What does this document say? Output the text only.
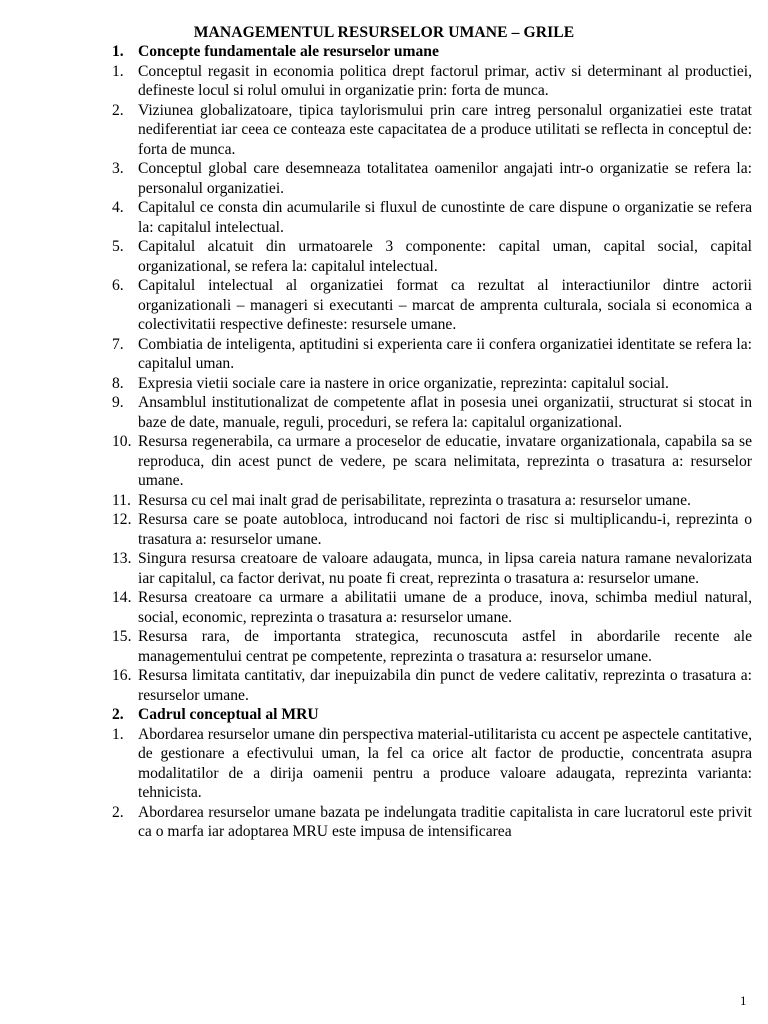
MANAGEMENTUL RESURSELOR UMANE – GRILE
1. Concepte fundamentale ale resurselor umane
1. Conceptul regasit in economia politica drept factorul primar, activ si determinant al productiei, defineste locul si rolul omului in organizatie prin: forta de munca.
2. Viziunea globalizatoare, tipica taylorismului prin care intreg personalul organizatiei este tratat nediferentiat iar ceea ce conteaza este capacitatea de a produce utilitati se reflecta in conceptul de: forta de munca.
3. Conceptul global care desemneaza totalitatea oamenilor angajati intr-o organizatie se refera la: personalul organizatiei.
4. Capitalul ce consta din acumularile si fluxul de cunostinte de care dispune o organizatie se refera la: capitalul intelectual.
5. Capitalul alcatuit din urmatoarele 3 componente: capital uman, capital social, capital organizational, se refera la: capitalul intelectual.
6. Capitalul intelectual al organizatiei format ca rezultat al interactiunilor dintre actorii organizationali – manageri si executanti – marcat de amprenta culturala, sociala si economica a colectivitatii respective defineste: resursele umane.
7. Combiatia de inteligenta, aptitudini si experienta care ii confera organizatiei identitate se refera la: capitalul uman.
8. Expresia vietii sociale care ia nastere in orice organizatie, reprezinta: capitalul social.
9. Ansamblul institutionalizat de competente aflat in posesia unei organizatii, structurat si stocat in baze de date, manuale, reguli, proceduri, se refera la: capitalul organizational.
10. Resursa regenerabila, ca urmare a proceselor de educatie, invatare organizationala, capabila sa se reproduca, din acest punct de vedere, pe scara nelimitata, reprezinta o trasatura a: resurselor umane.
11. Resursa cu cel mai inalt grad de perisabilitate, reprezinta o trasatura a: resurselor umane.
12. Resursa care se poate autobloca, introducand noi factori de risc si multiplicandu-i, reprezinta o trasatura a: resurselor umane.
13. Singura resursa creatoare de valoare adaugata, munca, in lipsa careia natura ramane nevalorizata iar capitalul, ca factor derivat, nu poate fi creat, reprezinta o trasatura a: resurselor umane.
14. Resursa creatoare ca urmare a abilitatii umane de a produce, inova, schimba mediul natural, social, economic, reprezinta o trasatura a: resurselor umane.
15. Resursa rara, de importanta strategica, recunoscuta astfel in abordarile recente ale managementului centrat pe competente, reprezinta o trasatura a: resurselor umane.
16. Resursa limitata cantitativ, dar inepuizabila din punct de vedere calitativ, reprezinta o trasatura a: resurselor umane.
2. Cadrul conceptual al MRU
1. Abordarea resurselor umane din perspectiva material-utilitarista cu accent pe aspectele cantitative, de gestionare a efectivului uman, la fel ca orice alt factor de productie, concentrata asupra modalitatilor de a dirija oamenii pentru a produce valoare adaugata, reprezinta varianta: tehnicista.
2. Abordarea resurselor umane bazata pe indelungata traditie capitalista in care lucratorul este privit ca o marfa iar adoptarea MRU este impusa de intensificarea
1
